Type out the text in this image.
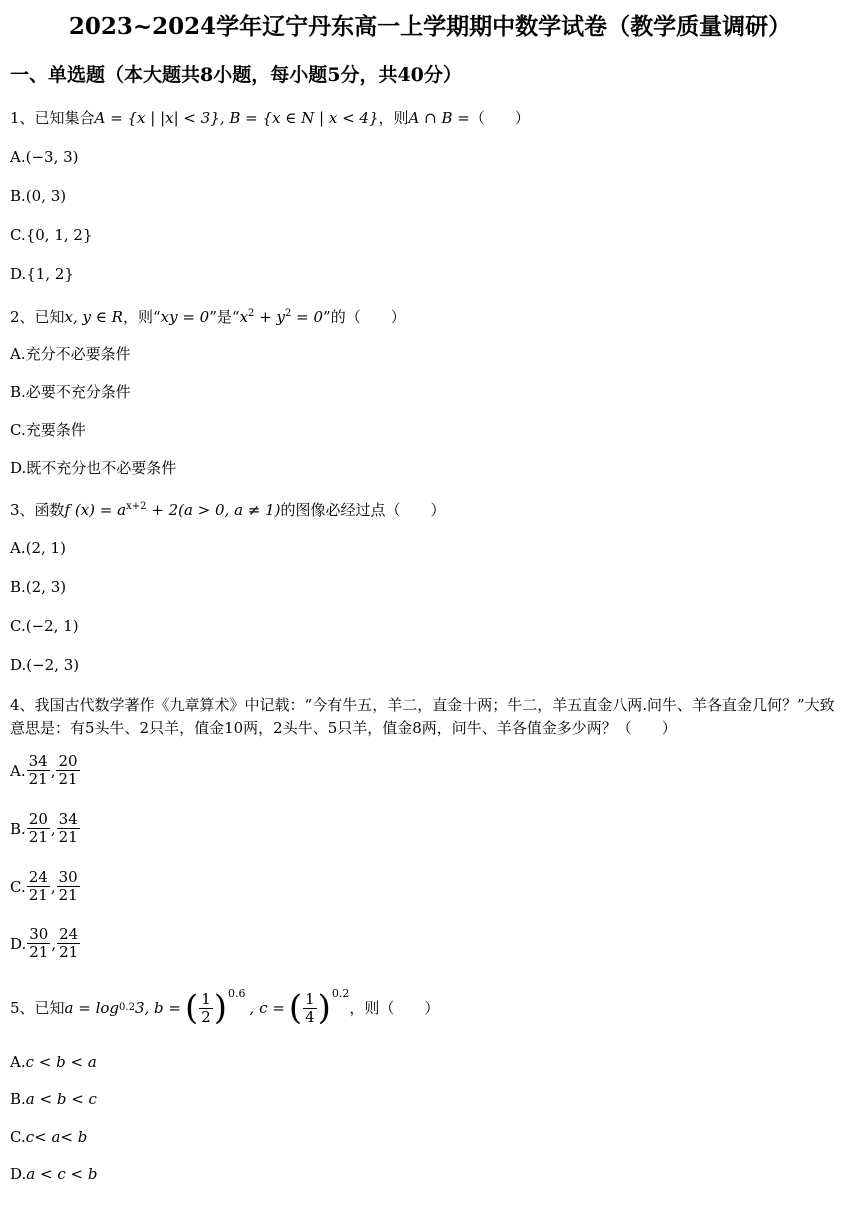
2023~2024学年辽宁丹东高一上学期期中数学试卷（教学质量调研）
一、单选题（本大题共8小题，每小题5分，共40分）
1、已知集合A = {x | |x| < 3}, B = {x ∈ N | x < 4}，则A ∩ B =（　　）
A.(−3, 3)
B.(0, 3)
C.{0, 1, 2}
D.{1, 2}
2、已知x, y ∈ R，则“xy = 0”是“$x^2 + y^2 = 0$”的（　　）
A.充分不必要条件
B.必要不充分条件
C.充要条件
D.既不充分也不必要条件
3、函数f $(x) = a^{x+2} + 2(a > 0$, a ≠ 1)的图像必经过点（　　）
A.(2, 1)
B.(2, 3)
C.(−2, 1)
D.(−2, 3)
4、我国古代数学著作《九章算术》中记载：“今有牛五，羊二，直金十两；牛二，羊五直金八两.问牛、羊各直金几何？”大致意思是：有5头牛、2只羊，值金10两，2头牛、5只羊，值金8两，问牛、羊各值金多少两？（　　）
A. $\frac{34}{21}$ , $\frac{20}{21}$
B. $\frac{20}{21}$ , $\frac{34}{21}$
C. $\frac{24}{21}$ , $\frac{30}{21}$
D. $\frac{30}{21}$ , $\frac{24}{21}$
5、已知 a = log 0.2 3, b = ( $\frac{1}{2}$ ) 0.6
, c = ( $\frac{1}{4}$ ) 0.2
，则（　　）
A.c < b < a
B.a < b < c
C.c< a< b
D.a < c < b
